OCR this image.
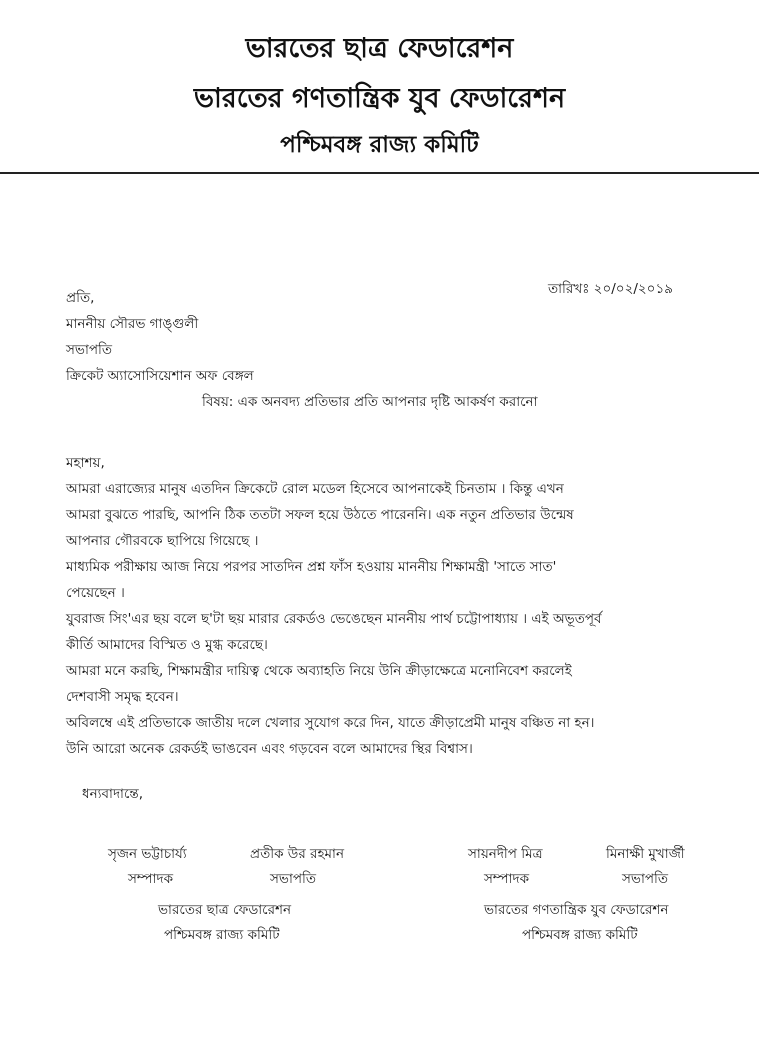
ভারতের ছাত্র ফেডারেশন
ভারতের গণতান্ত্রিক যুব ফেডারেশন
পশ্চিমবঙ্গ রাজ্য কমিটি
তারিখঃ ২০/০২/২০১৯
প্রতি,
মাননীয় সৌরভ গাঙ্গুলী
সভাপতি
ক্রিকেট অ্যাসোসিয়েশান অফ বেঙ্গল
বিষয়: এক অনবদ্য প্রতিভার প্রতি আপনার দৃষ্টি আকর্ষণ করানো
মহাশয়,
আমরা এরাজ্যের মানুষ এতদিন ক্রিকেটে রোল মডেল হিসেবে আপনাকেই চিনতাম । কিন্তু এখন
আমরা বুঝতে পারছি, আপনি ঠিক ততটা সফল হয়ে উঠতে পারেননি। এক নতুন প্রতিভার উন্মেষ
আপনার গৌরবকে ছাপিয়ে গিয়েছে ।
মাধ্যমিক পরীক্ষায় আজ নিয়ে পরপর সাতদিন প্রশ্ন ফাঁস হওয়ায় মাননীয় শিক্ষামন্ত্রী 'সাতে সাত'
পেয়েছেন ।
যুবরাজ সিং'এর ছয় বলে ছ'টা ছয় মারার রেকর্ডও ভেঙেছেন মাননীয় পার্থ চট্টোপাধ্যায় । এই অভূতপূর্ব
কীর্তি আমাদের বিস্মিত ও মুগ্ধ করেছে।
আমরা মনে করছি, শিক্ষামন্ত্রীর দায়িত্ব থেকে অব্যাহতি নিয়ে উনি ক্রীড়াক্ষেত্রে মনোনিবেশ করলেই
দেশবাসী সমৃদ্ধ হবেন।
অবিলম্বে এই প্রতিভাকে জাতীয় দলে খেলার সুযোগ করে দিন, যাতে ক্রীড়াপ্রেমী মানুষ বঞ্চিত না হন।
উনি আরো অনেক রেকর্ডই ভাঙবেন এবং গড়বেন বলে আমাদের স্থির বিশ্বাস।
ধন্যবাদান্তে,
সৃজন ভট্টাচার্য্য
সম্পাদক
প্রতীক উর রহমান
সভাপতি
সায়নদীপ মিত্র
সম্পাদক
মিনাক্ষী মুখার্জী
সভাপতি
ভারতের ছাত্র ফেডারেশন
পশ্চিমবঙ্গ রাজ্য কমিটি
ভারতের গণতান্ত্রিক যুব ফেডারেশন
পশ্চিমবঙ্গ রাজ্য কমিটি
